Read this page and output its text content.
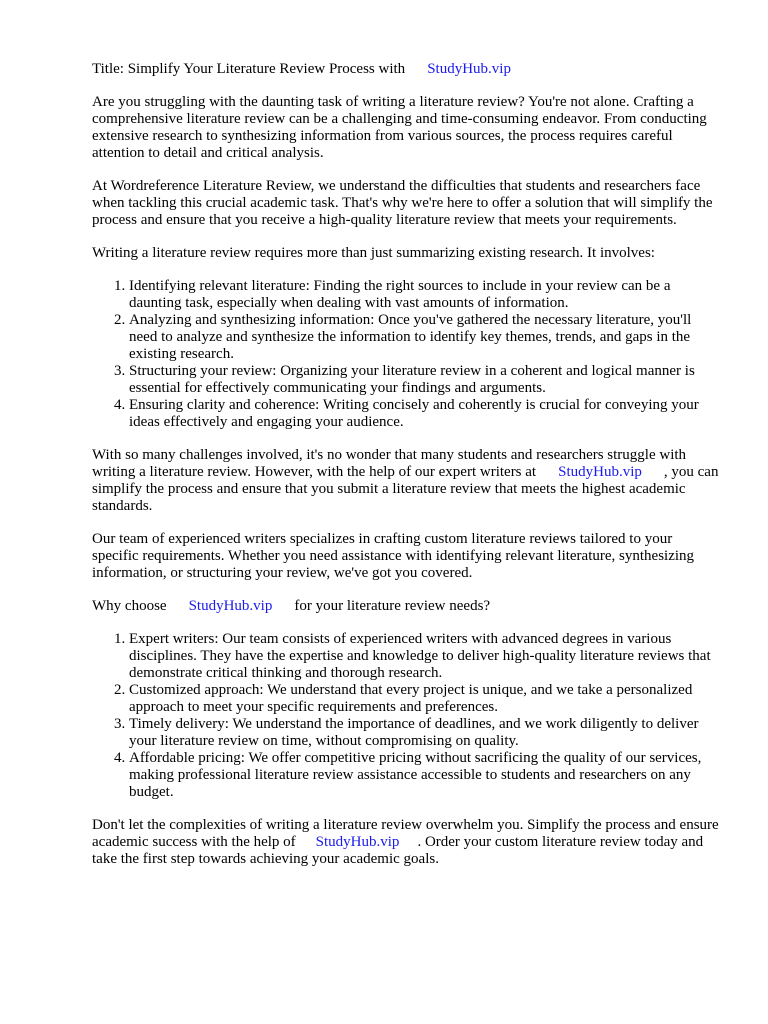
Title: Simplify Your Literature Review Process with StudyHub.vip

Are you struggling with the daunting task of writing a literature review? You're not alone. Crafting a comprehensive literature review can be a challenging and time-consuming endeavor. From conducting extensive research to synthesizing information from various sources, the process requires careful attention to detail and critical analysis.

At Wordreference Literature Review, we understand the difficulties that students and researchers face when tackling this crucial academic task. That's why we're here to offer a solution that will simplify the process and ensure that you receive a high-quality literature review that meets your requirements.

Writing a literature review requires more than just summarizing existing research. It involves:

1. Identifying relevant literature: Finding the right sources to include in your review can be a daunting task, especially when dealing with vast amounts of information.
2. Analyzing and synthesizing information: Once you've gathered the necessary literature, you'll need to analyze and synthesize the information to identify key themes, trends, and gaps in the existing research.
3. Structuring your review: Organizing your literature review in a coherent and logical manner is essential for effectively communicating your findings and arguments.
4. Ensuring clarity and coherence: Writing concisely and coherently is crucial for conveying your ideas effectively and engaging your audience.

With so many challenges involved, it's no wonder that many students and researchers struggle with writing a literature review. However, with the help of our expert writers at StudyHub.vip , you can simplify the process and ensure that you submit a literature review that meets the highest academic standards.

Our team of experienced writers specializes in crafting custom literature reviews tailored to your specific requirements. Whether you need assistance with identifying relevant literature, synthesizing information, or structuring your review, we've got you covered.

Why choose StudyHub.vip for your literature review needs?

1. Expert writers: Our team consists of experienced writers with advanced degrees in various disciplines. They have the expertise and knowledge to deliver high-quality literature reviews that demonstrate critical thinking and thorough research.
2. Customized approach: We understand that every project is unique, and we take a personalized approach to meet your specific requirements and preferences.
3. Timely delivery: We understand the importance of deadlines, and we work diligently to deliver your literature review on time, without compromising on quality.
4. Affordable pricing: We offer competitive pricing without sacrificing the quality of our services, making professional literature review assistance accessible to students and researchers on any budget.

Don't let the complexities of writing a literature review overwhelm you. Simplify the process and ensure academic success with the help of StudyHub.vip . Order your custom literature review today and take the first step towards achieving your academic goals.
